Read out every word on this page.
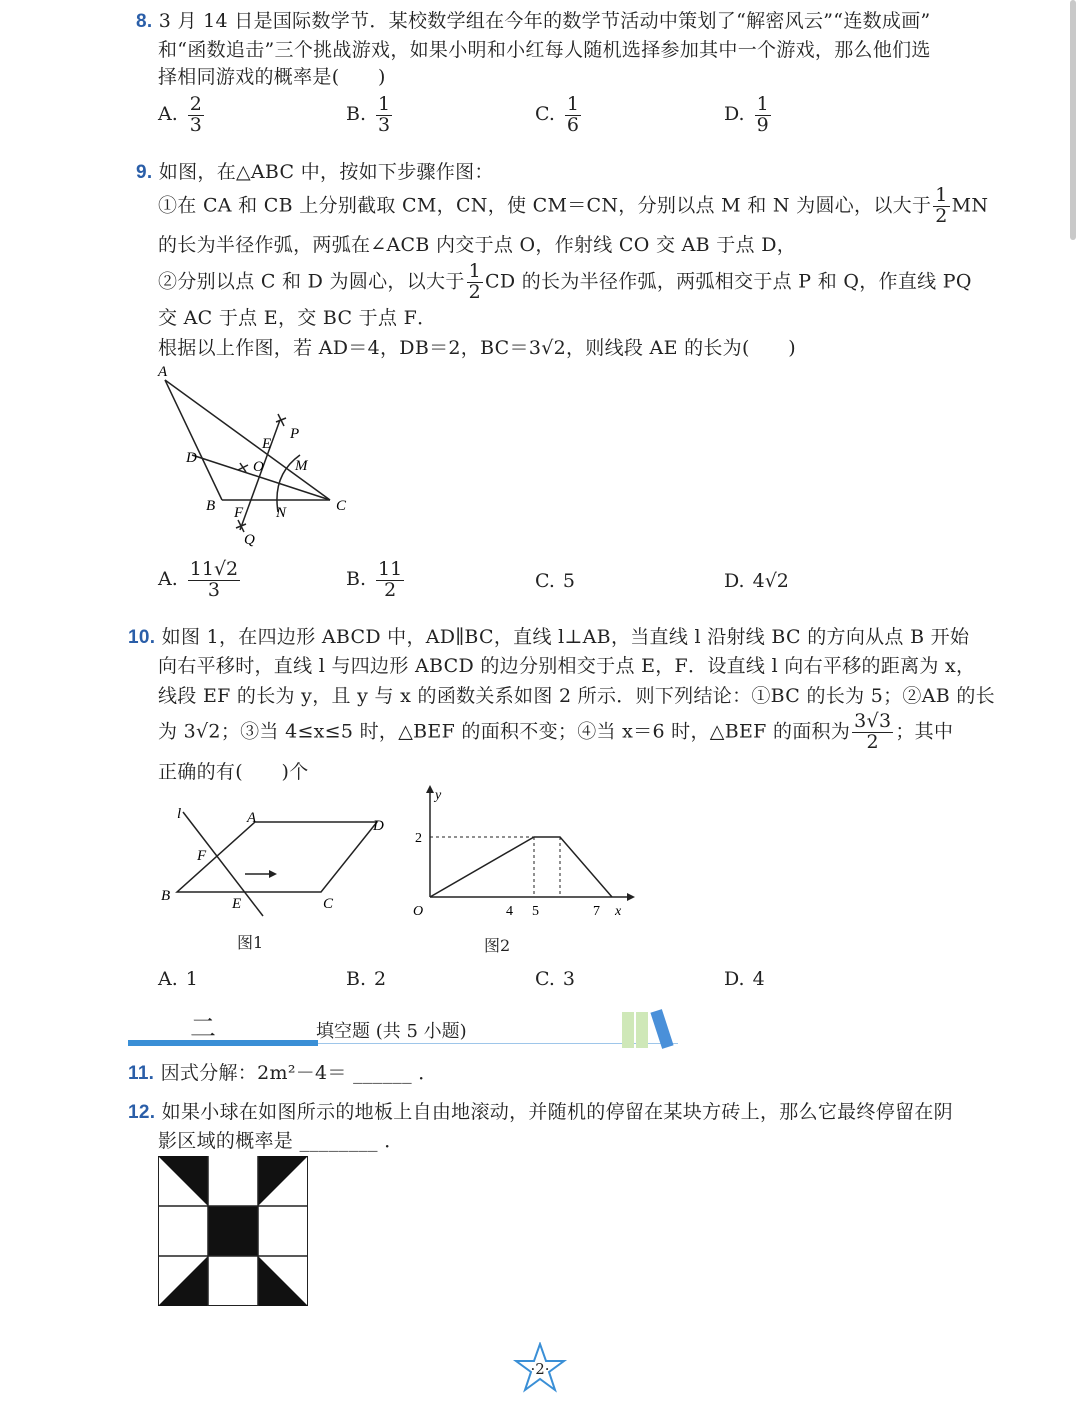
8. 3 月 14 日是国际数学节．某校数学组在今年的数学节活动中策划了“解密风云”“连数成画”
和“函数追击”三个挑战游戏，如果小明和小红每人随机选择参加其中一个游戏，那么他们选
择相同游戏的概率是(　　)
A. $\frac{2}{3}$	B. $\frac{1}{3}$	C. $\frac{1}{6}$	D. $\frac{1}{9}$
9. 如图，在△ABC 中，按如下步骤作图：
①在 CA 和 CB 上分别截取 CM，CN，使 CM＝CN，分别以点 M 和 N 为圆心，以大于 $\frac{1}{2}$ MN
的长为半径作弧，两弧在∠ACB 内交于点 O，作射线 CO 交 AB 于点 D，
②分别以点 C 和 D 为圆心，以大于 $\frac{1}{2}$ CD 的长为半径作弧，两弧相交于点 P 和 Q，作直线 PQ
交 AC 于点 E，交 BC 于点 F．
根据以上作图，若 AD＝4，DB＝2，BC＝3√2，则线段 AE 的长为(　　)
A
D
B	C
E
P
O M
F N
Q
A. $\frac{11√2}{3}$	B. $\frac{11}{2}$	C. 5	D. 4√2
10. 如图 1，在四边形 ABCD 中，AD∥BC，直线 l⊥AB，当直线 l 沿射线 BC 的方向从点 B 开始
向右平移时，直线 l 与四边形 ABCD 的边分别相交于点 E，F．设直线 l 向右平移的距离为 x，
线段 EF 的长为 y，且 y 与 x 的函数关系如图 2 所示．则下列结论：①BC 的长为 5；②AB 的长
为 3√2；③当 4≤x≤5 时，△BEF 的面积不变；④当 x＝6 时，△BEF 的面积为 $\frac{3√3}{2}$ ；其中
正确的有(　　)个
l	A	D
F
B	E	C
图1
y
x
O
2
4 5	7
图2
A. 1	B. 2	C. 3	D. 4
二	填空题 (共 5 小题)
11. 因式分解：2m²－4＝ ______ ．
12. 如果小球在如图所示的地板上自由地滚动，并随机的停留在某块方砖上，那么它最终停留在阴
影区域的概率是 ________ ．
·2·
